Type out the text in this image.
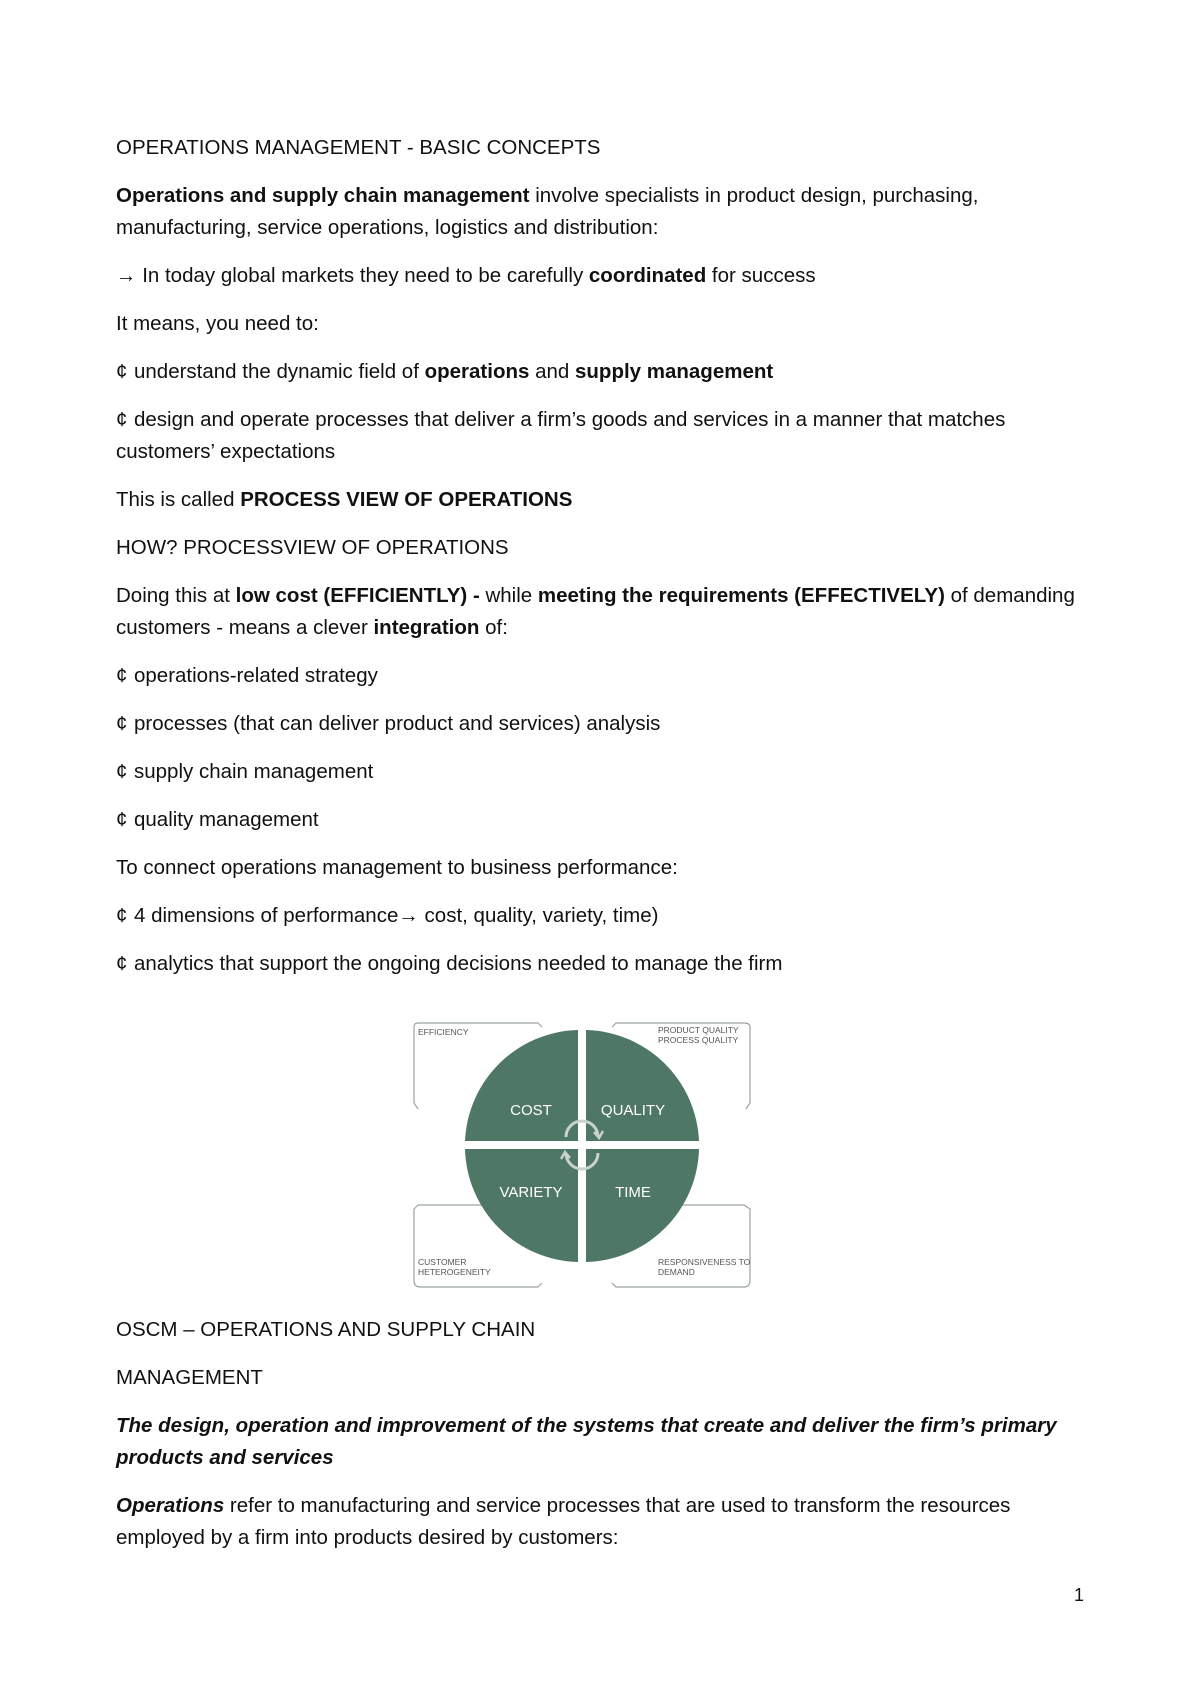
OPERATIONS MANAGEMENT - BASIC CONCEPTS

Operations and supply chain management involve specialists in product design, purchasing, manufacturing, service operations, logistics and distribution:

→ In today global markets they need to be carefully coordinated for success

It means, you need to:

¢ understand the dynamic field of operations and supply management

¢ design and operate processes that deliver a firm’s goods and services in a manner that matches customers’ expectations

This is called PROCESS VIEW OF OPERATIONS

HOW? PROCESSVIEW OF OPERATIONS

Doing this at low cost (EFFICIENTLY) - while meeting the requirements (EFFECTIVELY) of demanding customers - means a clever integration of:

¢ operations-related strategy

¢ processes (that can deliver product and services) analysis

¢ supply chain management

¢ quality management

To connect operations management to business performance:

¢ 4 dimensions of performance→ cost, quality, variety, time)

¢ analytics that support the ongoing decisions needed to manage the firm

COST	QUALITY
VARIETY	TIME
EFFICIENCY	PRODUCT QUALITY
PROCESS QUALITY
CUSTOMER
HETEROGENEITY
RESPONSIVENESS TO
DEMAND

OSCM – OPERATIONS AND SUPPLY CHAIN

MANAGEMENT

The design, operation and improvement of the systems that create and deliver the firm’s primary products and services

Operations refer to manufacturing and service processes that are used to transform the resources employed by a firm into products desired by customers:

1
